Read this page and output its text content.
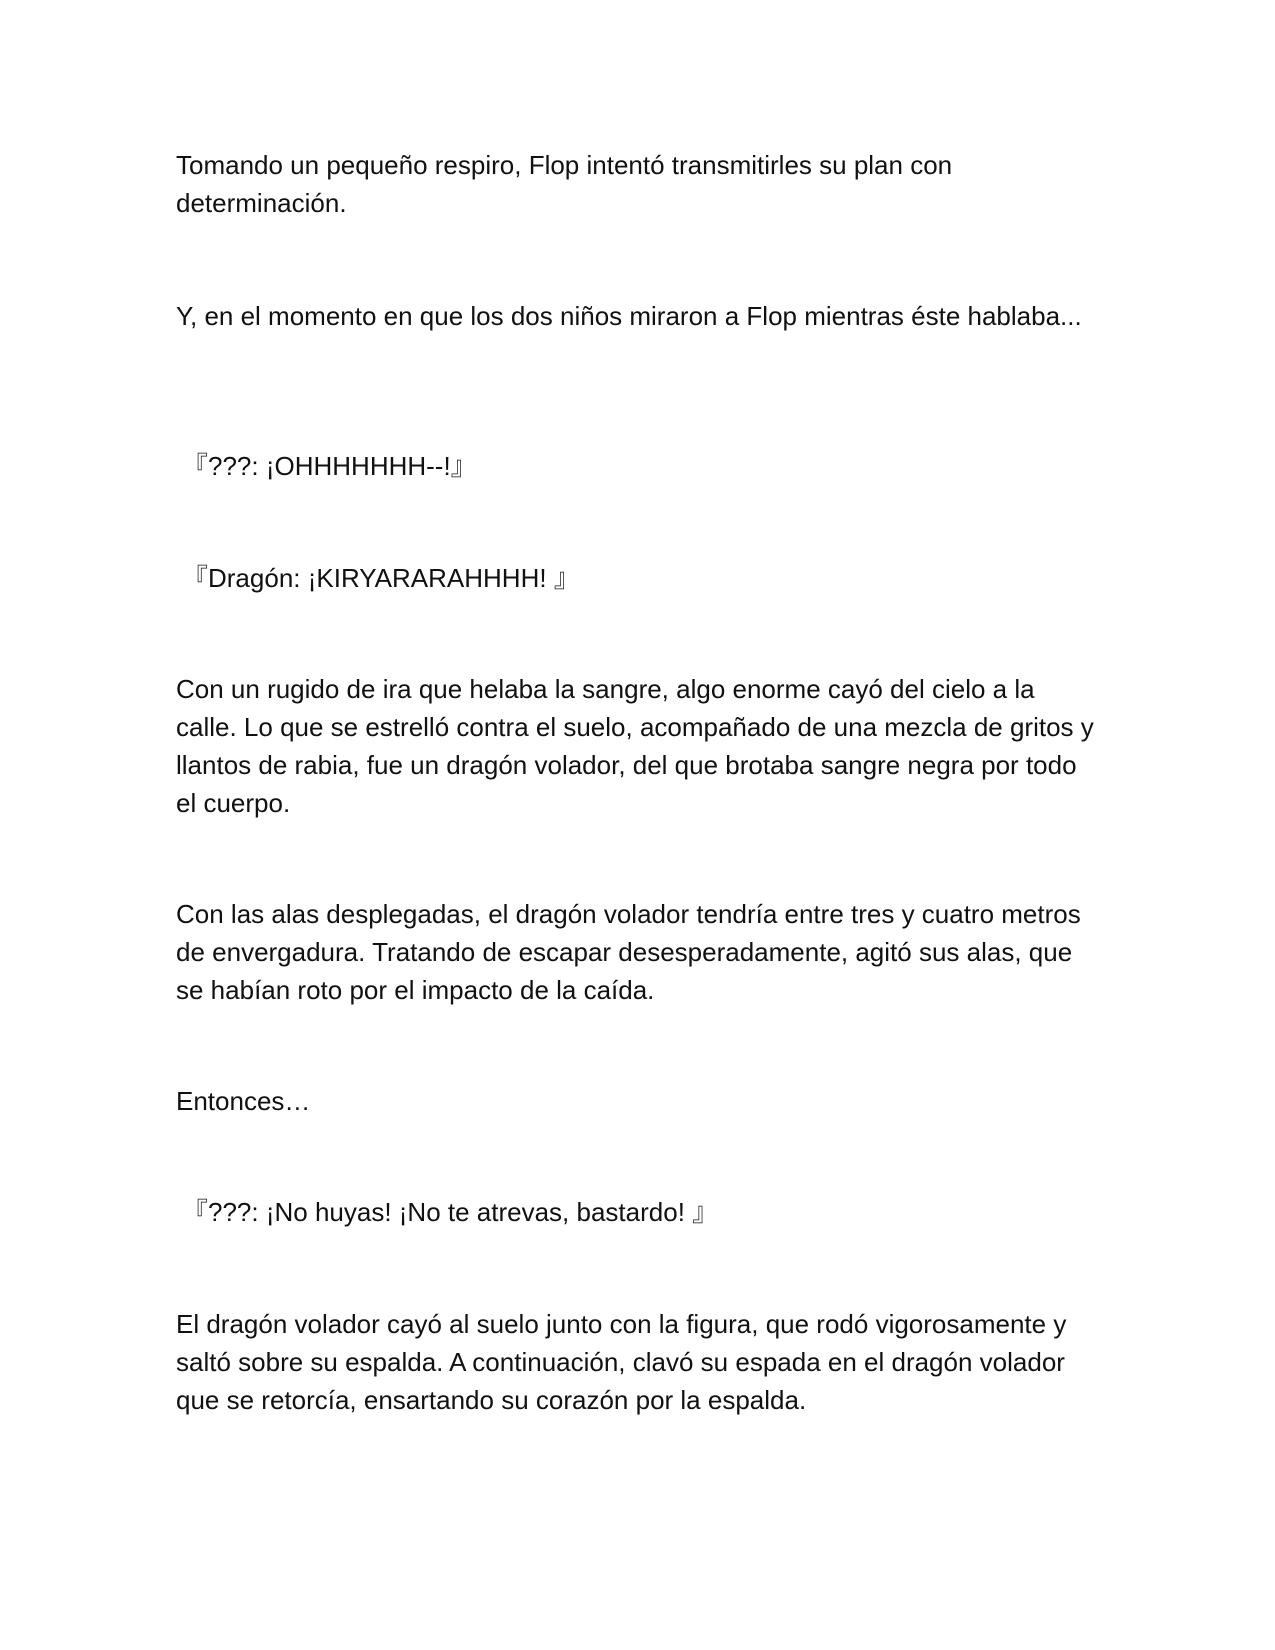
Tomando un pequeño respiro, Flop intentó transmitirles su plan con determinación.

Y, en el momento en que los dos niños miraron a Flop mientras éste hablaba...

『???: ¡OHHHHHHH--!』

『Dragón: ¡KIRYARARAHHHH! 』

Con un rugido de ira que helaba la sangre, algo enorme cayó del cielo a la calle. Lo que se estrelló contra el suelo, acompañado de una mezcla de gritos y llantos de rabia, fue un dragón volador, del que brotaba sangre negra por todo el cuerpo.

Con las alas desplegadas, el dragón volador tendría entre tres y cuatro metros de envergadura. Tratando de escapar desesperadamente, agitó sus alas, que se habían roto por el impacto de la caída.

Entonces…

『???: ¡No huyas! ¡No te atrevas, bastardo! 』

El dragón volador cayó al suelo junto con la figura, que rodó vigorosamente y saltó sobre su espalda. A continuación, clavó su espada en el dragón volador que se retorcía, ensartando su corazón por la espalda.
